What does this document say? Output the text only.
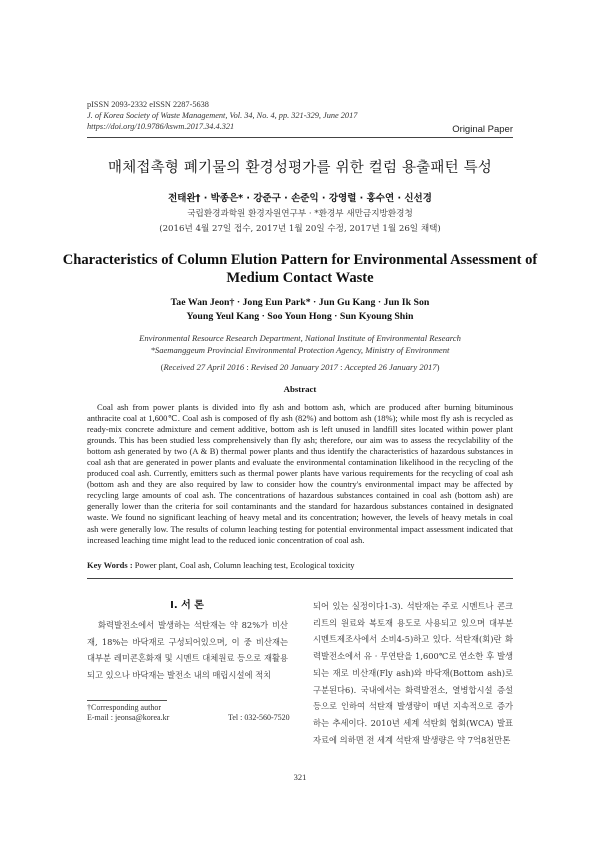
pISSN 2093-2332 eISSN 2287-5638
J. of Korea Society of Waste Management, Vol. 34, No. 4, pp. 321-329, June 2017
https://doi.org/10.9786/kswm.2017.34.4.321	Original Paper
매체접촉형 폐기물의 환경성평가를 위한 컬럼 용출패턴 특성
전태완† · 박종은* · 강준구 · 손준익 · 강영렬 · 홍수연 · 신선경
국립환경과학원 환경자원연구부 · *환경부 새만금지방환경청
(2016년 4월 27일 접수, 2017년 1월 20일 수정, 2017년 1월 26일 채택)
Characteristics of Column Elution Pattern for Environmental Assessment of Medium Contact Waste
Tae Wan Jeon† · Jong Eun Park* · Jun Gu Kang · Jun Ik Son
Young Yeul Kang · Soo Youn Hong · Sun Kyoung Shin
Environmental Resource Research Department, National Institute of Environmental Research
*Saemanggeum Provincial Environmental Protection Agency, Ministry of Environment
(Received 27 April 2016 : Revised 20 January 2017 : Accepted 26 January 2017)
Abstract
Coal ash from power plants is divided into fly ash and bottom ash, which are produced after burning bituminous anthracite coal at 1,600℃. Coal ash is composed of fly ash (82%) and bottom ash (18%); while most fly ash is recycled as ready-mix concrete admixture and cement additive, bottom ash is left unused in landfill sites located within power plant grounds. This has been studied less comprehensively than fly ash; therefore, our aim was to assess the recyclability of the bottom ash generated by two (A & B) thermal power plants and thus identify the characteristics of hazardous substances in coal ash that are generated in power plants and evaluate the environmental contamination likelihood in the recycling of the produced coal ash. Currently, emitters such as thermal power plants have various requirements for the recycling of coal ash (bottom ash and they are also required by law to consider how the country's environmental impact may be affected by recycling large amounts of coal ash. The concentrations of hazardous substances contained in coal ash (bottom ash) are generally lower than the criteria for soil contaminants and the standard for hazardous substances contained in designated waste. We found no significant leaching of heavy metal and its concentration; however, the levels of heavy metals in coal ash were generally low. The results of column leaching testing for potential environmental impact assessment indicated that increased leaching time might lead to the reduced ionic concentration of coal ash.
Key Words : Power plant, Coal ash, Column leaching test, Ecological toxicity
I. 서 론
화력발전소에서 발생하는 석탄재는 약 82%가 비산재, 18%는 바닥재로 구성되어있으며, 이 중 비산재는 대부분 레미콘혼화재 및 시멘트 대체원료 등으로 재활용되고 있으나 바닥재는 발전소 내의 매립시설에 적치
되어 있는 실정이다1-3). 석탄재는 주로 시멘트나 콘크리트의 원료와 복토재 용도로 사용되고 있으며 대부분 시멘트제조사에서 소비4-5)하고 있다. 석탄재(회)란 화력발전소에서 유 · 무연탄을 1,600℃로 연소한 후 발생되는 재로 비산재(Fly ash)와 바닥재(Bottom ash)로 구분된다6). 국내에서는 화력발전소, 열병합시설 증설 등으로 인하여 석탄재 발생량이 매년 지속적으로 증가하는 추세이다. 2010년 세계 석탄회 협회(WCA) 발표 자료에 의하면 전 세계 석탄재 발생량은 약 7억8천만톤
†Corresponding author
E-mail : jeonsa@korea.kr	Tel : 032-560-7520
321
